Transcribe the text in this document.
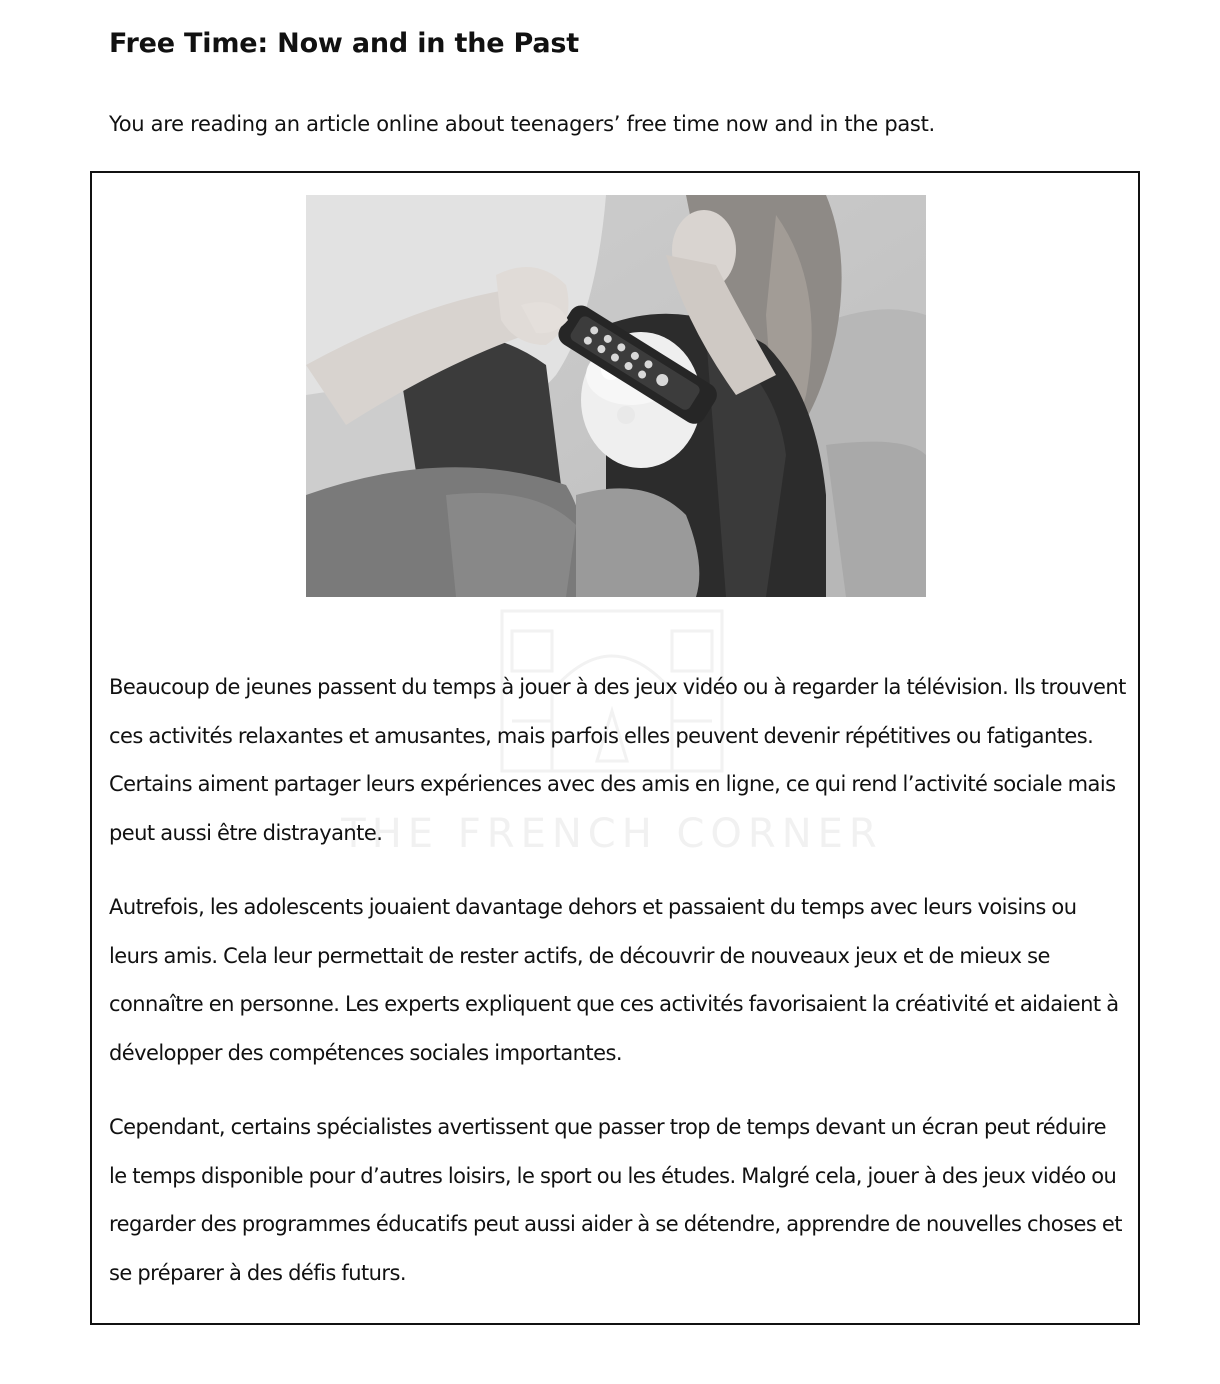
Free Time: Now and in the Past

You are reading an article online about teenagers’ free time now and in the past.

THE FRENCH CORNER

Beaucoup de jeunes passent du temps à jouer à des jeux vidéo ou à regarder la télévision. Ils trouvent ces activités relaxantes et amusantes, mais parfois elles peuvent devenir répétitives ou fatigantes. Certains aiment partager leurs expériences avec des amis en ligne, ce qui rend l’activité sociale mais peut aussi être distrayante.

Autrefois, les adolescents jouaient davantage dehors et passaient du temps avec leurs voisins ou leurs amis. Cela leur permettait de rester actifs, de découvrir de nouveaux jeux et de mieux se connaître en personne. Les experts expliquent que ces activités favorisaient la créativité et aidaient à développer des compétences sociales importantes.

Cependant, certains spécialistes avertissent que passer trop de temps devant un écran peut réduire le temps disponible pour d’autres loisirs, le sport ou les études. Malgré cela, jouer à des jeux vidéo ou regarder des programmes éducatifs peut aussi aider à se détendre, apprendre de nouvelles choses et se préparer à des défis futurs.
